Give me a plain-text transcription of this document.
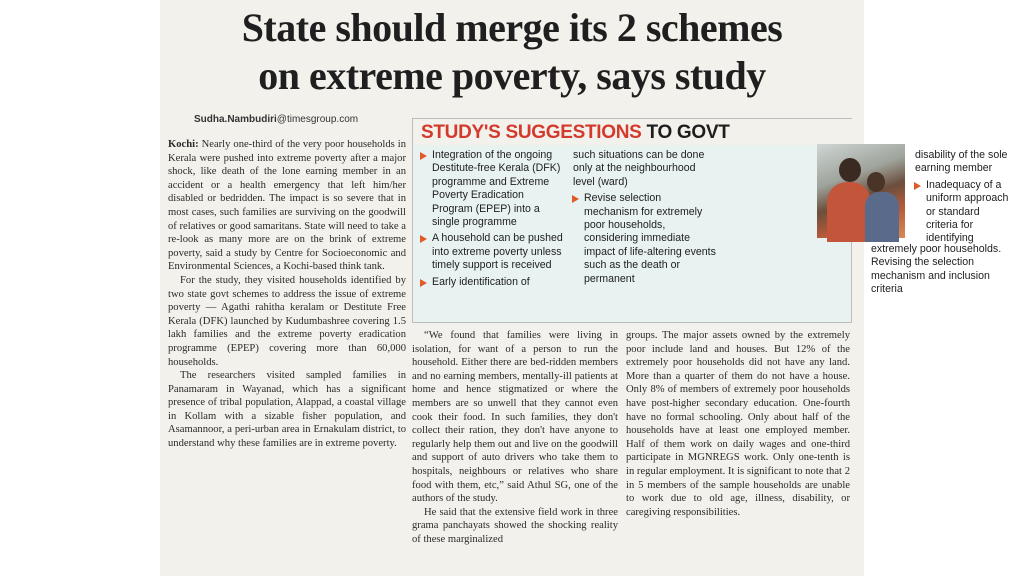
State should merge its 2 schemes
on extreme poverty, says study
Sudha.Nambudiri@timesgroup.com

Kochi: Nearly one-third of the very poor households in Kerala were pushed into extreme poverty after a major shock, like death of the lone earning member in an accident or a health emergency that left him/her disabled or bedridden. The impact is so severe that in most cases, such families are surviving on the goodwill of relatives or good samaritans. State will need to take a re-look as many more are on the brink of extreme poverty, said a study by Centre for Socioeconomic and Environmental Sciences, a Kochi-based think tank.

For the study, they visited households identified by two state govt schemes to address the issue of extreme poverty — Agathi rahitha keralam or Destitute Free Kerala (DFK) launched by Kudumbashree covering 1.5 lakh families and the extreme poverty eradication programme (EPEP) covering more than 60,000 households.

The researchers visited sampled families in Panamaram in Wayanad, which has a significant presence of tribal population, Alappad, a coastal village in Kollam with a sizable fisher population, and Asamannoor, a peri-urban area in Ernakulam district, to understand why these families are in extreme poverty.

STUDY'S SUGGESTIONS TO GOVT
Integration of the ongoing Destitute-free Kerala (DFK) programme and Extreme Poverty Eradication Program (EPEP) into a single programme
A household can be pushed into extreme poverty unless timely support is received
Early identification of
such situations can be done only at the neighbourhood level (ward)
Revise selection mechanism for extremely poor households, considering immediate impact of life-altering events such as the death or permanent
disability of the sole earning member
Inadequacy of a uniform approach or standard criteria for identifying
extremely poor households. Revising the selection mechanism and inclusion criteria

“We found that families were living in isolation, for want of a person to run the household. Either there are bed-ridden members and no earning members, mentally-ill patients at home and hence stigmatized or where the members are so unwell that they cannot even cook their food. In such families, they don't collect their ration, they don't have anyone to regularly help them out and live on the goodwill and support of auto drivers who take them to hospitals, neighbours or relatives who share food with them, etc,” said Athul SG, one of the authors of the study.

He said that the extensive field work in three grama panchayats showed the shocking reality of these marginalized

groups. The major assets owned by the extremely poor include land and houses. But 12% of the extremely poor households did not have any land. More than a quarter of them do not have a house. Only 8% of members of extremely poor households have post-higher secondary education. One-fourth have no formal schooling. Only about half of the households have at least one employed member. Half of them work on daily wages and one-third participate in MGNREGS work. Only one-tenth is in regular employment. It is significant to note that 2 in 5 members of the sample households are unable to work due to old age, illness, disability, or caregiving responsibilities.
